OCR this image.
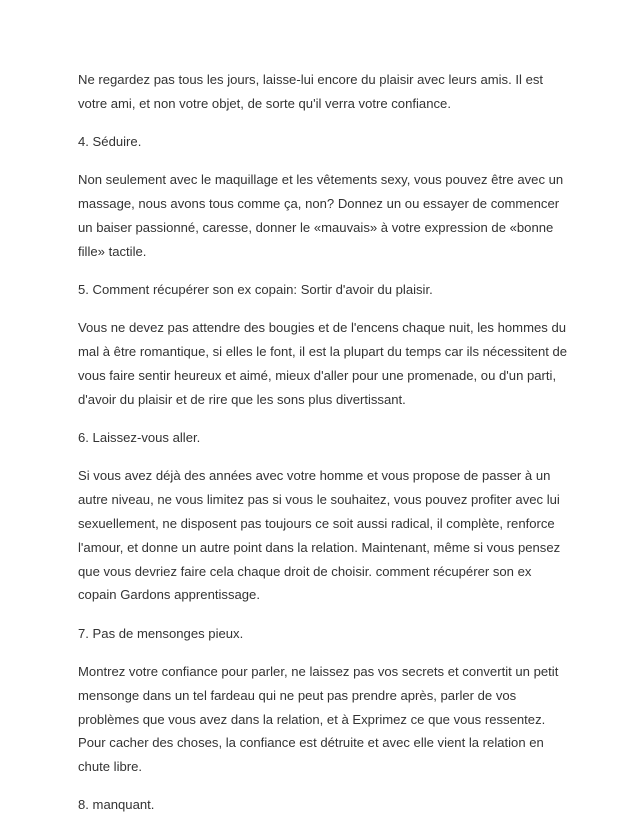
Ne regardez pas tous les jours, laisse-lui encore du plaisir avec leurs amis. Il est votre ami, et non votre objet, de sorte qu'il verra votre confiance.

4. Séduire.

Non seulement avec le maquillage et les vêtements sexy, vous pouvez être avec un massage, nous avons tous comme ça, non? Donnez un ou essayer de commencer un baiser passionné, caresse, donner le «mauvais» à votre expression de «bonne fille» tactile.

5. Comment récupérer son ex copain: Sortir d'avoir du plaisir.

Vous ne devez pas attendre des bougies et de l'encens chaque nuit, les hommes du mal à être romantique, si elles le font, il est la plupart du temps car ils nécessitent de vous faire sentir heureux et aimé, mieux d'aller pour une promenade, ou d'un parti, d'avoir du plaisir et de rire que les sons plus divertissant.

6. Laissez-vous aller.

Si vous avez déjà des années avec votre homme et vous propose de passer à un autre niveau, ne vous limitez pas si vous le souhaitez, vous pouvez profiter avec lui sexuellement, ne disposent pas toujours ce soit aussi radical, il complète, renforce l'amour, et donne un autre point dans la relation. Maintenant, même si vous pensez que vous devriez faire cela chaque droit de choisir. comment récupérer son ex copain Gardons apprentissage.

7. Pas de mensonges pieux.

Montrez votre confiance pour parler, ne laissez pas vos secrets et convertit un petit mensonge dans un tel fardeau qui ne peut pas prendre après, parler de vos problèmes que vous avez dans la relation, et à Exprimez ce que vous ressentez. Pour cacher des choses, la confiance est détruite et avec elle vient la relation en chute libre.

8. manquant.
